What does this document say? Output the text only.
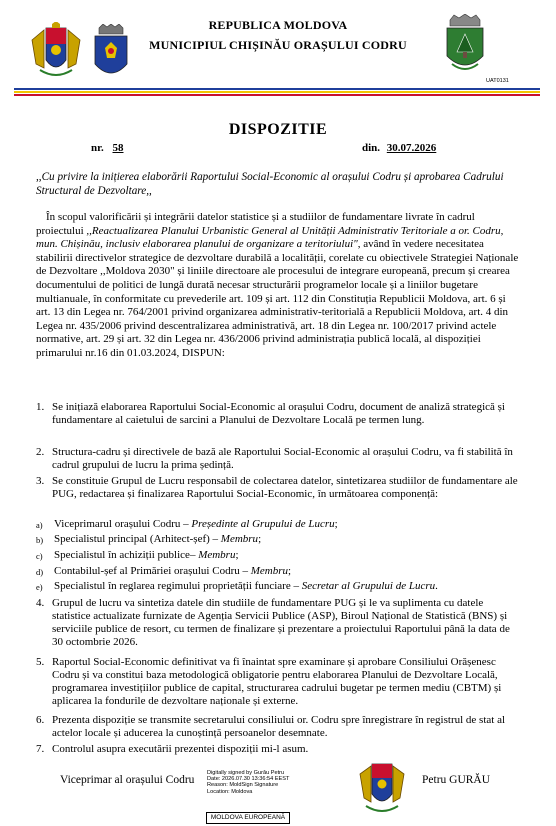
REPUBLICA MOLDOVA
MUNICIPIUL CHIȘINĂU ORAȘULUI CODRU
UAT0131
DISPOZITIE
nr. 58	din. 30.07.2026
,,Cu privire la inițierea elaborării Raportului Social-Economic al orașului Codru și aprobarea Cadrului Structural de Dezvoltare,,
În scopul valorificării și integrării datelor statistice și a studiilor de fundamentare livrate în cadrul proiectului ,,Reactualizarea Planului Urbanistic General al Unității Administrativ Teritoriale a or. Codru, mun. Chișinău, inclusiv elaborarea planului de organizare a teritoriului", având în vedere necesitatea stabilirii directivelor strategice de dezvoltare durabilă a localității, corelate cu obiectivele Strategiei Naționale de Dezvoltare ,,Moldova 2030" și liniile directoare ale procesului de integrare europeană, precum și crearea documentului de politici de lungă durată necesar structurării programelor locale și a liniilor bugetare multianuale, în conformitate cu prevederile art. 109 și art. 112 din Constituția Republicii Moldova, art. 6 și art. 13 din Legea nr. 764/2001 privind organizarea administrativ-teritorială a Republicii Moldova, art. 4 din Legea nr. 435/2006 privind descentralizarea administrativă, art. 18 din Legea nr. 100/2017 privind actele normative, art. 29 și art. 32 din Legea nr. 436/2006 privind administrația publică locală, al dispoziției primarului nr.16 din 01.03.2024, DISPUN:
1. Se inițiază elaborarea Raportului Social-Economic al orașului Codru, document de analiză strategică și fundamentare al caietului de sarcini a Planului de Dezvoltare Locală pe termen lung.
2. Structura-cadru și directivele de bază ale Raportului Social-Economic al orașului Codru, va fi stabilită în cadrul grupului de lucru la prima ședință.
3. Se constituie Grupul de Lucru responsabil de colectarea datelor, sintetizarea studiilor de fundamentare ale PUG, redactarea și finalizarea Raportului Social-Economic, în următoarea componență:
a) Viceprimarul orașului Codru – Președinte al Grupului de Lucru;
b) Specialistul principal (Arhitect-șef) – Membru;
c) Specialistul în achiziții publice– Membru;
d) Contabilul-șef al Primăriei orașului Codru – Membru;
e) Specialistul în reglarea regimului proprietății funciare – Secretar al Grupului de Lucru.
4. Grupul de lucru va sintetiza datele din studiile de fundamentare PUG și le va suplimenta cu datele statistice actualizate furnizate de Agenția Servicii Publice (ASP), Biroul Național de Statistică (BNS) și serviciile publice de resort, cu termen de finalizare și prezentare a proiectului Raportului până la data de 30 octombrie 2026.
5. Raportul Social-Economic definitivat va fi înaintat spre examinare și aprobare Consiliului Orășenesc Codru și va constitui baza metodologică obligatorie pentru elaborarea Planului de Dezvoltare Locală, programarea investițiilor publice de capital, structurarea cadrului bugetar pe termen mediu (CBTM) și aplicarea la fondurile de dezvoltare naționale și externe.
6. Prezenta dispoziție se transmite secretarului consiliului or. Codru spre înregistrare în registrul de stat al actelor locale și aducerea la cunoștință persoanelor desemnate.
7. Controlul asupra executării prezentei dispoziții mi-l asum.
Viceprimar al orașului Codru
Digitally signed by Gurău Petru
Date: 2026.07.30 13:36:54 EEST
Reason: MoldSign Signature
Location: Moldova
MOLDOVA EUROPEANĂ
Petru GURĂU
